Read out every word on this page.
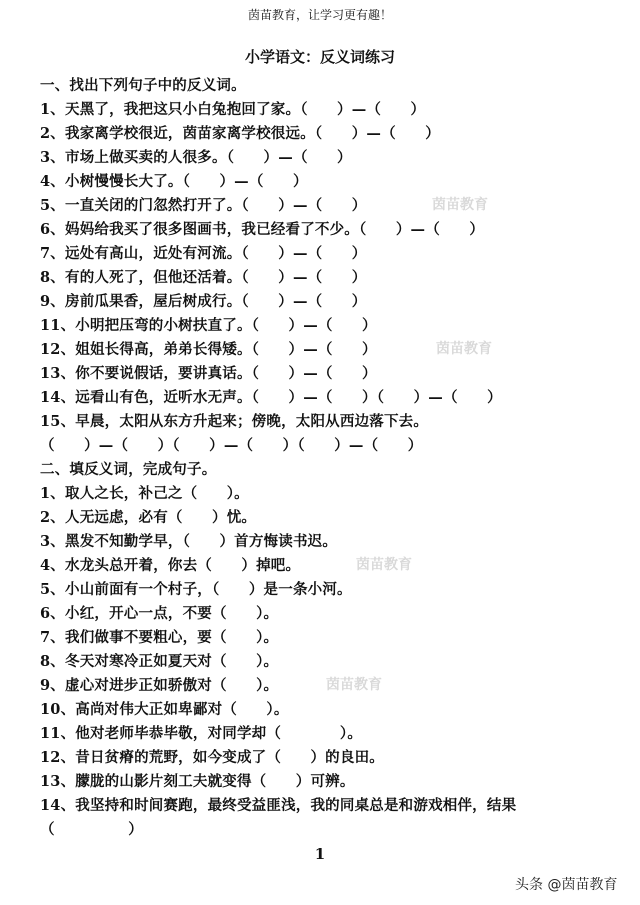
茵苗教育，让学习更有趣！
小学语文：反义词练习
一、找出下列句子中的反义词。
1、天黑了，我把这只小白兔抱回了家。（　　）—（　　）
2、我家离学校很近，茵苗家离学校很远。（　　）—（　　）
3、市场上做买卖的人很多。（　　）—（　　）
4、小树慢慢长大了。（　　）—（　　）
5、一直关闭的门忽然打开了。（　　）—（　　）
6、妈妈给我买了很多图画书，我已经看了不少。（　　）—（　　）
7、远处有高山，近处有河流。（　　）—（　　）
8、有的人死了，但他还活着。（　　）—（　　）
9、房前瓜果香，屋后树成行。（　　）—（　　）
11、小明把压弯的小树扶直了。（　　）—（　　）
12、姐姐长得高，弟弟长得矮。（　　）—（　　）
13、你不要说假话，要讲真话。（　　）—（　　）
14、远看山有色，近听水无声。（　　）—（　　）（　　）—（　　）
15、早晨，太阳从东方升起来；傍晚，太阳从西边落下去。
（　　）—（　　）（　　）—（　　）（　　）—（　　）
二、填反义词，完成句子。
1、取人之长，补己之（　　）。
2、人无远虑，必有（　　）忧。
3、黑发不知勤学早，（　　）首方悔读书迟。
4、水龙头总开着，你去（　　）掉吧。
5、小山前面有一个村子，（　　）是一条小河。
6、小红，开心一点，不要（　　）。
7、我们做事不要粗心，要（　　）。
8、冬天对寒冷正如夏天对（　　）。
9、虚心对进步正如骄傲对（　　）。
10、高尚对伟大正如卑鄙对（　　）。
11、他对老师毕恭毕敬，对同学却（　　　　）。
12、昔日贫瘠的荒野，如今变成了（　　）的良田。
13、朦胧的山影片刻工夫就变得（　　）可辨。
14、我坚持和时间赛跑，最终受益匪浅，我的同桌总是和游戏相伴，结果
（　　　　　）
茵苗教育
茵苗教育
茵苗教育
茵苗教育
1
头条 @茵苗教育
